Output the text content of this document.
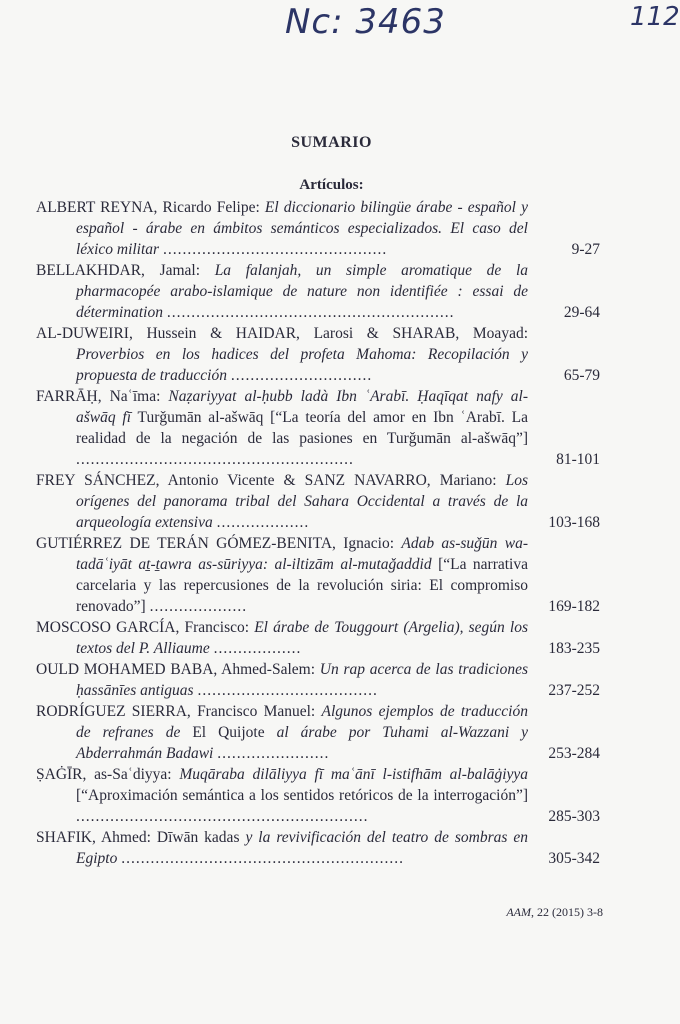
Nc: 3463	112
SUMARIO
Artículos:
ALBERT REYNA, Ricardo Felipe: El diccionario bilingüe árabe - español y español - árabe en ámbitos semánticos especializados. El caso del léxico militar ..............................................	9-27
BELLAKHDAR, Jamal: La falanjah, un simple aromatique de la pharmacopée arabo-islamique de nature non identifiée : essai de détermination ...........................................................	29-64
AL-DUWEIRI, Hussein & HAIDAR, Larosi & SHARAB, Moayad: Proverbios en los hadices del profeta Mahoma: Recopilación y propuesta de traducción .............................	65-79
FARRĀḤ, Naʿīma: Naẓariyyat al-ḥubb ladà Ibn ʿArabī. Ḥaqīqat nafy al-ašwāq fī Turǧumān al-ašwāq [“La teoría del amor en Ibn ʿArabī. La realidad de la negación de las pasiones en Turǧumān al-ašwāq”] .........................................................	81-101
FREY SÁNCHEZ, Antonio Vicente & SANZ NAVARRO, Mariano: Los orígenes del panorama tribal del Sahara Occidental a través de la arqueología extensiva ...................	103-168
GUTIÉRREZ DE TERÁN GÓMEZ-BENITA, Ignacio: Adab as-suǧūn wa-tadāʿiyāt aṯ-ṯawra as-sūriyya: al-iltizām al-mutaǧaddid [“La narrativa carcelaria y las repercusiones de la revolución siria: El compromiso renovado”] ....................	169-182
MOSCOSO GARCÍA, Francisco: El árabe de Touggourt (Argelia), según los textos del P. Alliaume ..................	183-235
OULD MOHAMED BABA, Ahmed-Salem: Un rap acerca de las tradiciones ḥassānīes antiguas .....................................	237-252
RODRÍGUEZ SIERRA, Francisco Manuel: Algunos ejemplos de traducción de refranes de El Quijote al árabe por Tuhami al-Wazzani y Abderrahmán Badawi .......................	253-284
ṢAĠĪR, as-Saʿdiyya: Muqāraba dilāliyya fī maʿānī l-istifhām al-balāġiyya [“Aproximación semántica a los sentidos retóricos de la interrogación”] ............................................................	285-303
SHAFIK, Ahmed: Dīwān kadas y la revivificación del teatro de sombras en Egipto ..........................................................	305-342
AAM, 22 (2015) 3-8
